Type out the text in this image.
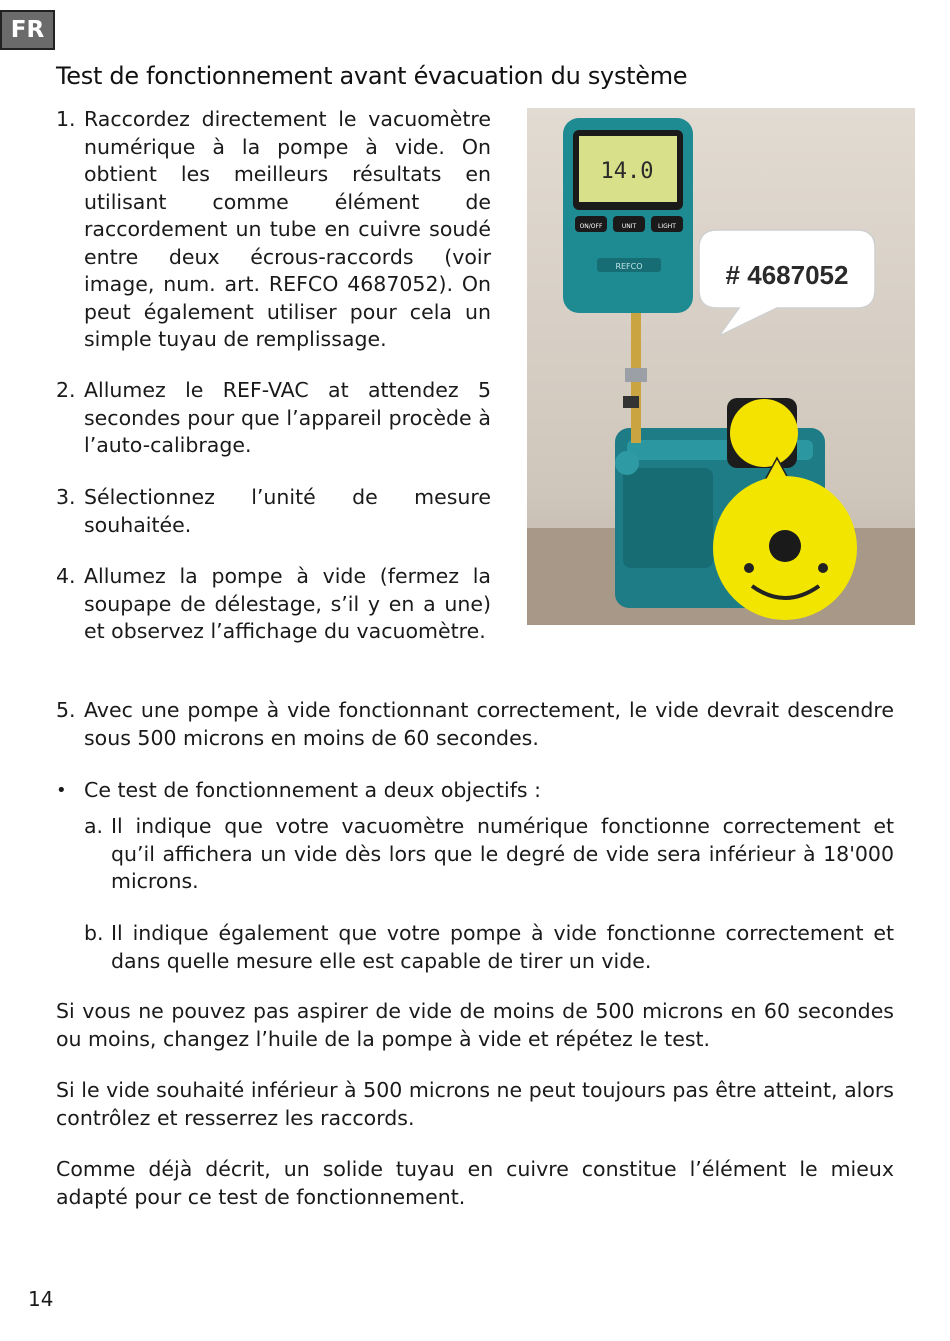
FR
Test de fonctionnement avant évacuation du système
1. Raccordez directement le vacuomètre numérique à la pompe à vide. On obtient les meilleurs résultats en utilisant comme élément de raccordement un tube en cuivre soudé entre deux écrous-raccords (voir image, num. art. REFCO 4687052). On peut également utiliser pour cela un simple tuyau de remplissage.
2. Allumez le REF-VAC at attendez 5 secondes pour que l’appareil procède à l’auto-calibrage.
3. Sélectionnez l’unité de mesure souhaitée.
4. Allumez la pompe à vide (fermez la soupape de délestage, s’il y en a une) et observez l’affichage du vacuomètre.
# 4687052
14.0
ON/OFF	UNIT	LIGHT
REFCO
5. Avec une pompe à vide fonctionnant correctement, le vide devrait descendre sous 500 microns en moins de 60 secondes.
• Ce test de fonctionnement a deux objectifs :
a. Il indique que votre vacuomètre numérique fonctionne correctement et qu’il affichera un vide dès lors que le degré de vide sera inférieur à 18'000 microns.
b. Il indique également que votre pompe à vide fonctionne correctement et dans quelle mesure elle est capable de tirer un vide.

Si vous ne pouvez pas aspirer de vide de moins de 500 microns en 60 secondes ou moins, changez l’huile de la pompe à vide et répétez le test.

Si le vide souhaité inférieur à 500 microns ne peut toujours pas être atteint, alors contrôlez et resserrez les raccords.

Comme déjà décrit, un solide tuyau en cuivre constitue l’élément le mieux adapté pour ce test de fonctionnement.

14
